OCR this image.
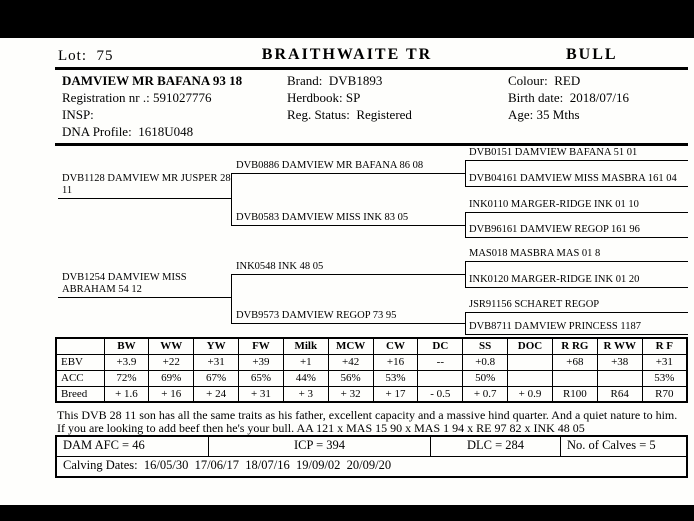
Lot:  75	BRAITHWAITE TR	BULL
DAMVIEW MR BAFANA 93 18
Registration nr .: 591027776
INSP:
DNA Profile:  1618U048
Brand:  DVB1893
Herdbook: SP
Reg. Status:  Registered
Colour:  RED
Birth date:  2018/07/16
Age: 35 Mths
DVB1128 DAMVIEW MR JUSPER 28 11
DVB1254 DAMVIEW MISS ABRAHAM 54 12
DVB0886 DAMVIEW MR BAFANA 86 08
DVB0583 DAMVIEW MISS INK 83 05
INK0548 INK 48 05
DVB9573 DAMVIEW REGOP 73 95
DVB0151 DAMVIEW BAFANA 51 01
DVB04161 DAMVIEW MISS MASBRA 161 04
INK0110 MARGER-RIDGE INK 01 10
DVB96161 DAMVIEW REGOP 161 96
MAS018 MASBRA MAS 01 8
INK0120 MARGER-RIDGE INK 01 20
JSR91156 SCHARET REGOP
DVB8711 DAMVIEW PRINCESS 1187
	BW	WW	YW	FW	Milk	MCW	CW	DC	SS	DOC	R RG	R WW	R F
EBV	+3.9	+22	+31	+39	+1	+42	+16	--	+0.8		+68	+38	+31
ACC	72%	69%	67%	65%	44%	56%	53%		50%				53%
Breed	+ 1.6	+ 16	+ 24	+ 31	+ 3	+ 32	+ 17	- 0.5	+ 0.7	+ 0.9	R100	R64	R70
This DVB 28 11 son has all the same traits as his father, excellent capacity and a massive hind quarter. And a quiet nature to him. If you are looking to add beef then he's your bull. AA 121 x MAS 15 90 x MAS 1 94 x RE 97 82 x INK 48 05
DAM AFC = 46	ICP = 394	DLC = 284	No. of Calves = 5
Calving Dates:  16/05/30  17/06/17  18/07/16  19/09/02  20/09/20
